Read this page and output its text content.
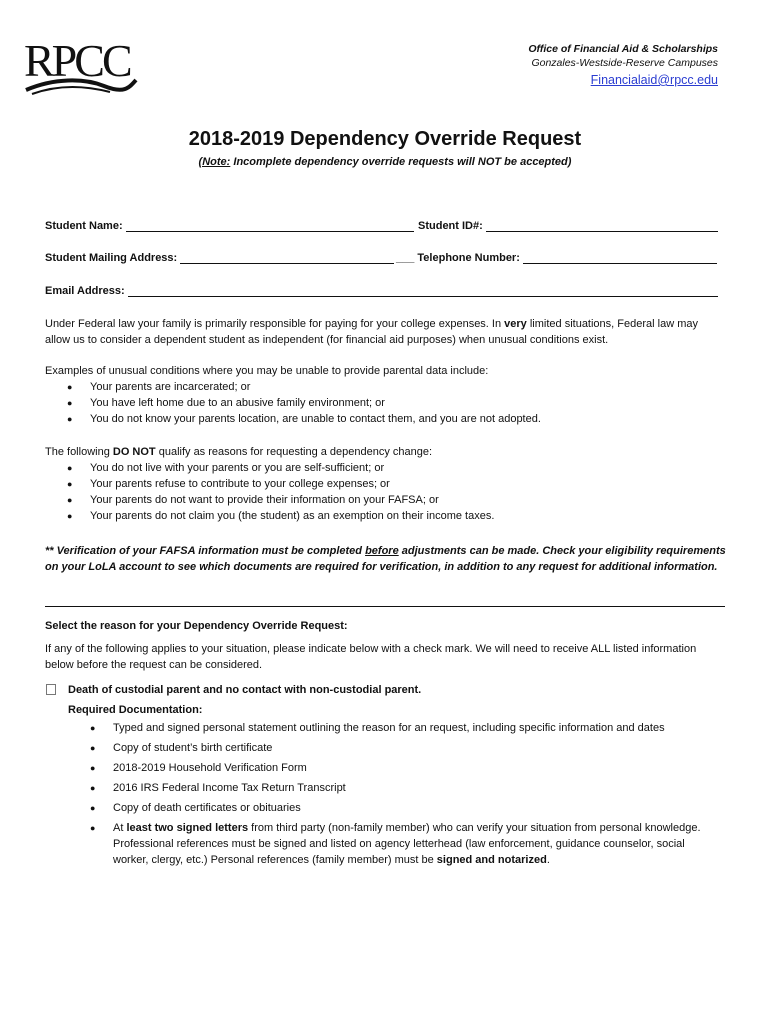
RPCC	Office of Financial Aid & Scholarships
Gonzales-Westside-Reserve Campuses
Financialaid@rpcc.edu
2018-2019 Dependency Override Request
(Note: Incomplete dependency override requests will NOT be accepted)
Student Name:	Student ID#:
Student Mailing Address:	___ Telephone Number:
Email Address:
Under Federal law your family is primarily responsible for paying for your college expenses. In very limited situations, Federal law may allow us to consider a dependent student as independent (for financial aid purposes) when unusual conditions exist.
Examples of unusual conditions where you may be unable to provide parental data include:
● Your parents are incarcerated; or
● You have left home due to an abusive family environment; or
● You do not know your parents location, are unable to contact them, and you are not adopted.
The following DO NOT qualify as reasons for requesting a dependency change:
● You do not live with your parents or you are self-sufficient; or
● Your parents refuse to contribute to your college expenses; or
● Your parents do not want to provide their information on your FAFSA; or
● Your parents do not claim you (the student) as an exemption on their income taxes.
** Verification of your FAFSA information must be completed before adjustments can be made. Check your eligibility requirements on your LoLA account to see which documents are required for verification, in addition to any request for additional information.
Select the reason for your Dependency Override Request:
If any of the following applies to your situation, please indicate below with a check mark. We will need to receive ALL listed information below before the request can be considered.
Death of custodial parent and no contact with non-custodial parent.
Required Documentation:
● Typed and signed personal statement outlining the reason for an request, including specific information and dates
● Copy of student’s birth certificate
● 2018-2019 Household Verification Form
● 2016 IRS Federal Income Tax Return Transcript
● Copy of death certificates or obituaries
● At least two signed letters from third party (non-family member) who can verify your situation from personal knowledge. Professional references must be signed and listed on agency letterhead (law enforcement, guidance counselor, social worker, clergy, etc.) Personal references (family member) must be signed and notarized.
